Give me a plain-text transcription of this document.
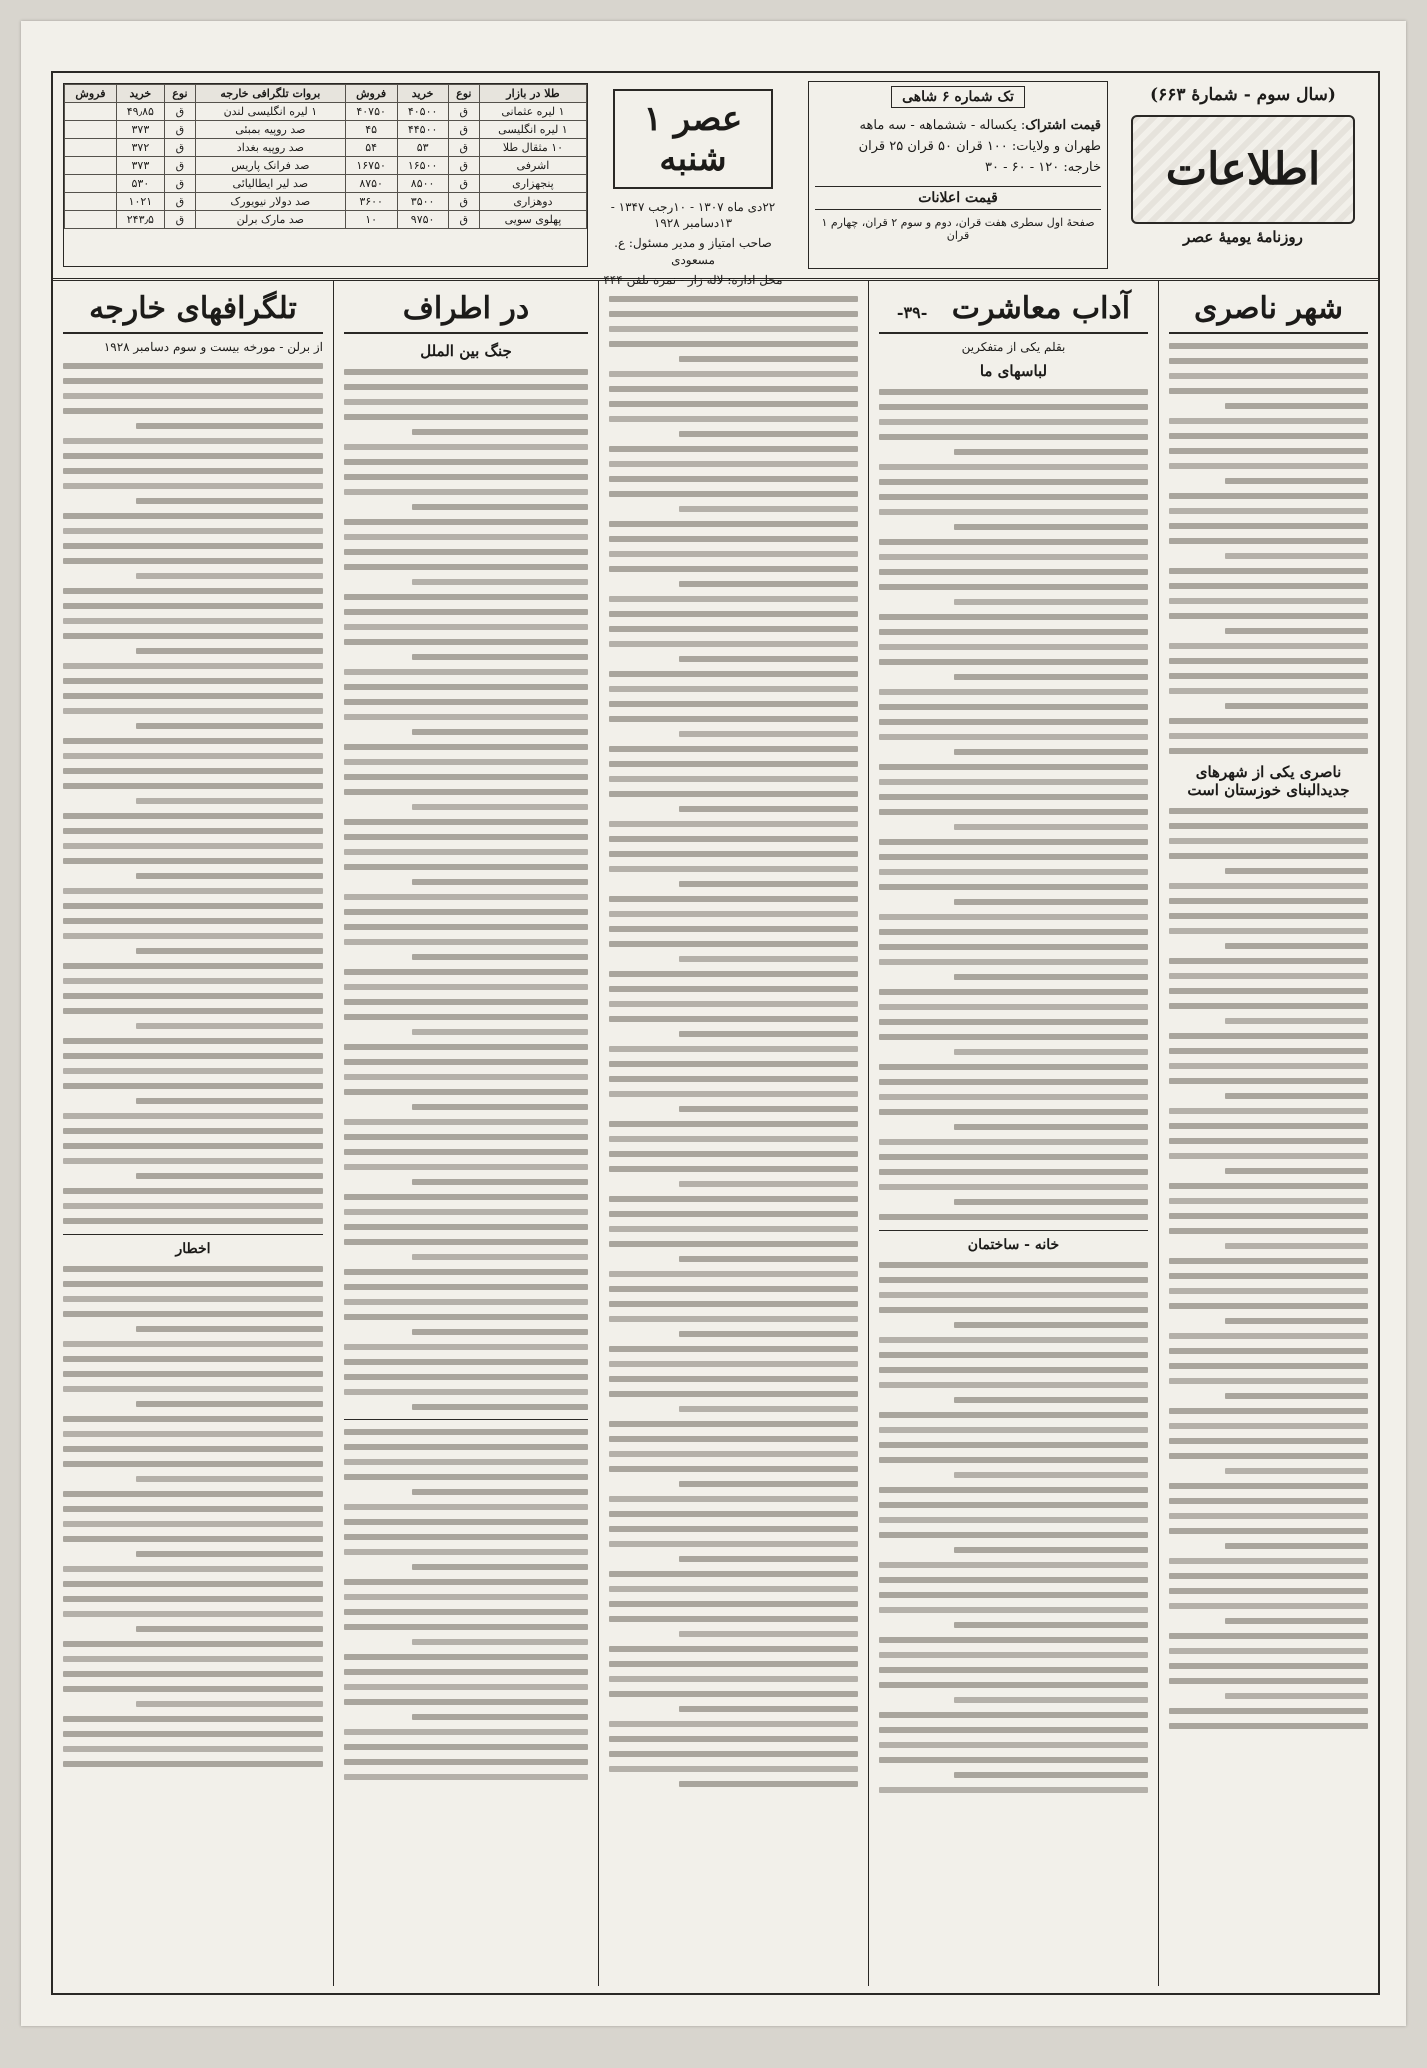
(سال سوم - شمارهٔ ۶۶۳)
اطلاعات
روزنامهٔ یومیهٔ عصر
تک شماره ۶ شاهی
قیمت اشتراک: یکساله - ششماهه - سه ماهه
طهران و ولایات: ۱۰۰ قران ۵۰ قران ۲۵ قران
خارجه: ۱۲۰ - ۶۰ - ۳۰
قیمت اعلانات
صفحهٔ اول سطری هفت قران، دوم و سوم ۲ قران، چهارم ۱ قران
عصر ۱ شنبه
۲۲دی ماه ۱۳۰۷ - ۱۰رجب ۱۳۴۷ - ۱۳دسامبر ۱۹۲۸
صاحب امتیاز و مدیر مسئول: ع. مسعودی
محل اداره: لاله زار - نمره تلفن ۴۴۴
طلا در بازار	نوع	خرید	فروش	بروات تلگرافی خارجه	نوع	خرید	فروش
۱ لیره عثمانی	ق	۴۰۵۰۰	۴۰۷۵۰	۱ لیره انگلیسی لندن	ق	۴۹٫۸۵	
۱ لیره انگلیسی	ق	۴۴۵۰۰	۴۵	صد روپیه بمبئی	ق	۳۷۳	
۱۰ مثقال طلا	ق	۵۳	۵۴	صد روپیه بغداد	ق	۳۷۲	
اشرفی	ق	۱۶۵۰۰	۱۶۷۵۰	صد فرانک پاریس	ق	۳۷۳	
پنجهزاری	ق	۸۵۰۰	۸۷۵۰	صد لیر ایطالیائی	ق	۵۳۰	
دوهزاری	ق	۳۵۰۰	۳۶۰۰	صد دولار نیویورک	ق	۱۰۲۱	
پهلوی سویی	ق	۹۷۵۰	۱۰	صد مارک برلن	ق	۲۴۳٫۵	
شهر ناصری
ناصری یکی از شهرهای جدیدالبنای خوزستان است
آداب معاشرت -۳۹-
بقلم یکی از متفکرین
لباسهای ما
خانه - ساختمان
در اطراف
جنگ بین الملل
تلگرافهای خارجه
از برلن - مورخه بیست و سوم دسامبر ۱۹۲۸
اخطار
